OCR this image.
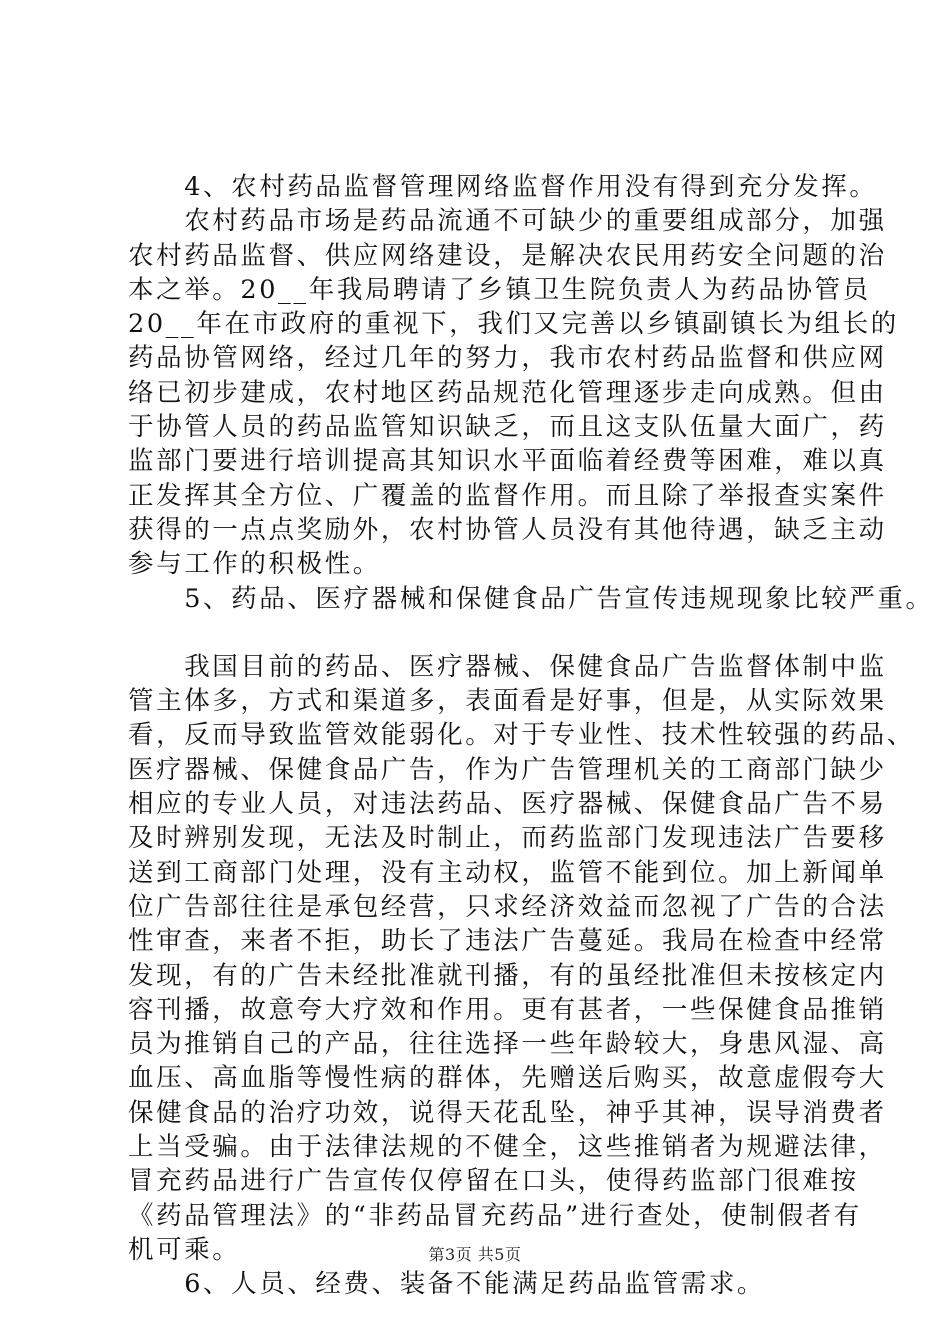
　　4、农村药品监督管理网络监督作用没有得到充分发挥。
　　农村药品市场是药品流通不可缺少的重要组成部分，加强
农村药品监督、供应网络建设，是解决农民用药安全问题的治
本之举。20__年我局聘请了乡镇卫生院负责人为药品协管员
20__年在市政府的重视下，我们又完善以乡镇副镇长为组长的
药品协管网络，经过几年的努力，我市农村药品监督和供应网
络已初步建成，农村地区药品规范化管理逐步走向成熟。但由
于协管人员的药品监管知识缺乏，而且这支队伍量大面广，药
监部门要进行培训提高其知识水平面临着经费等困难，难以真
正发挥其全方位、广覆盖的监督作用。而且除了举报查实案件
获得的一点点奖励外，农村协管人员没有其他待遇，缺乏主动
参与工作的积极性。
　　5、药品、医疗器械和保健食品广告宣传违规现象比较严重。
　　我国目前的药品、医疗器械、保健食品广告监督体制中监
管主体多，方式和渠道多，表面看是好事，但是，从实际效果
看，反而导致监管效能弱化。对于专业性、技术性较强的药品、
医疗器械、保健食品广告，作为广告管理机关的工商部门缺少
相应的专业人员，对违法药品、医疗器械、保健食品广告不易
及时辨别发现，无法及时制止，而药监部门发现违法广告要移
送到工商部门处理，没有主动权，监管不能到位。加上新闻单
位广告部往往是承包经营，只求经济效益而忽视了广告的合法
性审查，来者不拒，助长了违法广告蔓延。我局在检查中经常
发现，有的广告未经批准就刊播，有的虽经批准但未按核定内
容刊播，故意夸大疗效和作用。更有甚者，一些保健食品推销
员为推销自己的产品，往往选择一些年龄较大，身患风湿、高
血压、高血脂等慢性病的群体，先赠送后购买，故意虚假夸大
保健食品的治疗功效，说得天花乱坠，神乎其神，误导消费者
上当受骗。由于法律法规的不健全，这些推销者为规避法律，
冒充药品进行广告宣传仅停留在口头，使得药监部门很难按
《药品管理法》的“非药品冒充药品”进行查处，使制假者有
机可乘。
　　6、人员、经费、装备不能满足药品监管需求。
第3页 共5页
